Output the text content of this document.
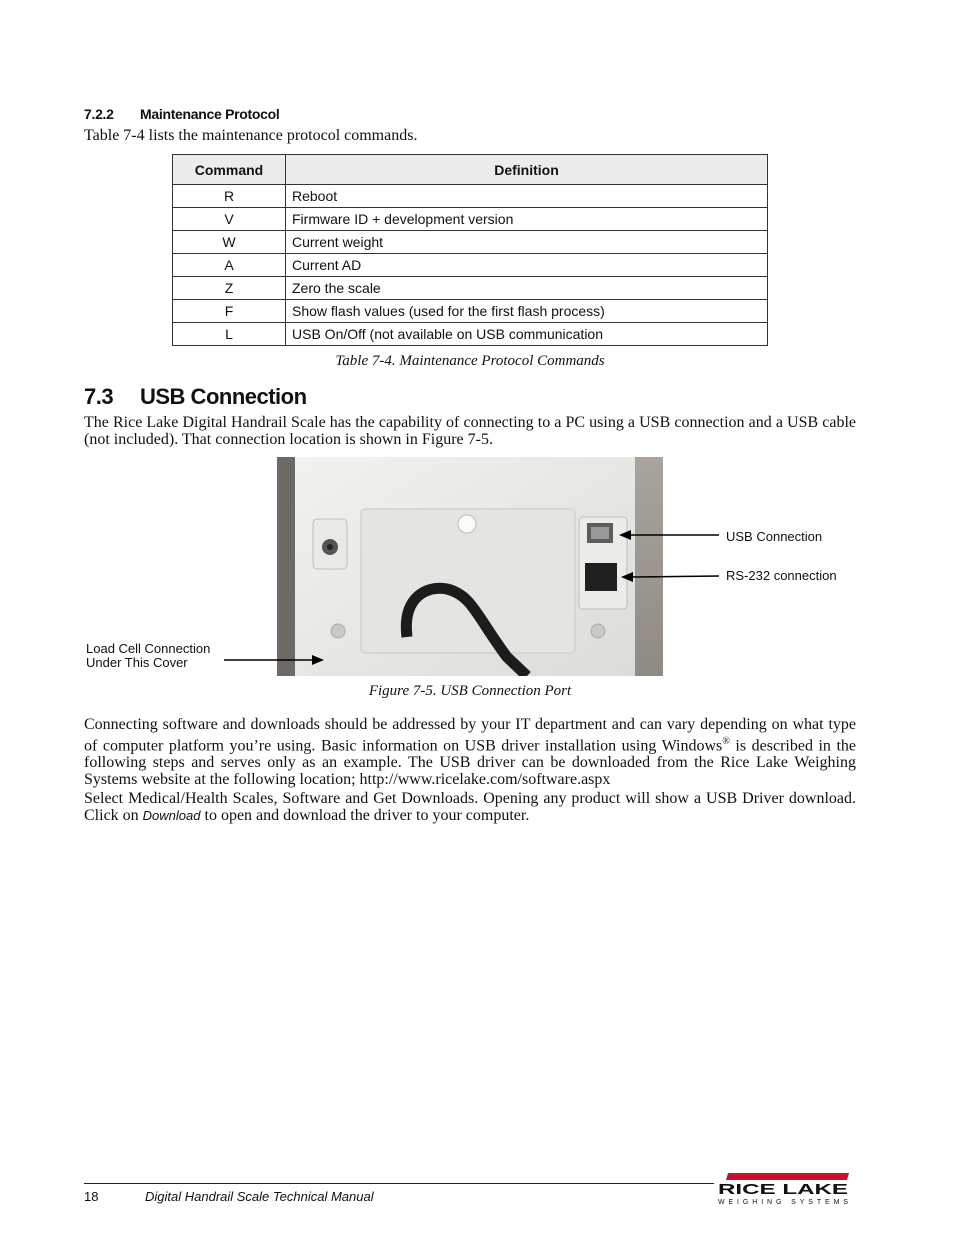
7.2.2 Maintenance Protocol
Table 7-4 lists the maintenance protocol commands.
Command	Definition
R	Reboot
V	Firmware ID + development version
W	Current weight
A	Current AD
Z	Zero the scale
F	Show flash values (used for the first flash process)
L	USB On/Off (not available on USB communication
Table 7-4. Maintenance Protocol Commands
7.3 USB Connection
The Rice Lake Digital Handrail Scale has the capability of connecting to a PC using a USB connection and a USB cable (not included). That connection location is shown in Figure 7-5.
USB Connection
RS-232 connection
Load Cell Connection
Under This Cover
Figure 7-5. USB Connection Port
Connecting software and downloads should be addressed by your IT department and can vary depending on what type of computer platform you’re using. Basic information on USB driver installation using Windows® is described in the following steps and serves only as an example. The USB driver can be downloaded from the Rice Lake Weighing Systems website at the following location; http://www.ricelake.com/software.aspx
Select Medical/Health Scales, Software and Get Downloads. Opening any product will show a USB Driver download. Click on Download to open and download the driver to your computer.
18	Digital Handrail Scale Technical Manual	RICE LAKE
WEIGHING SYSTEMS
